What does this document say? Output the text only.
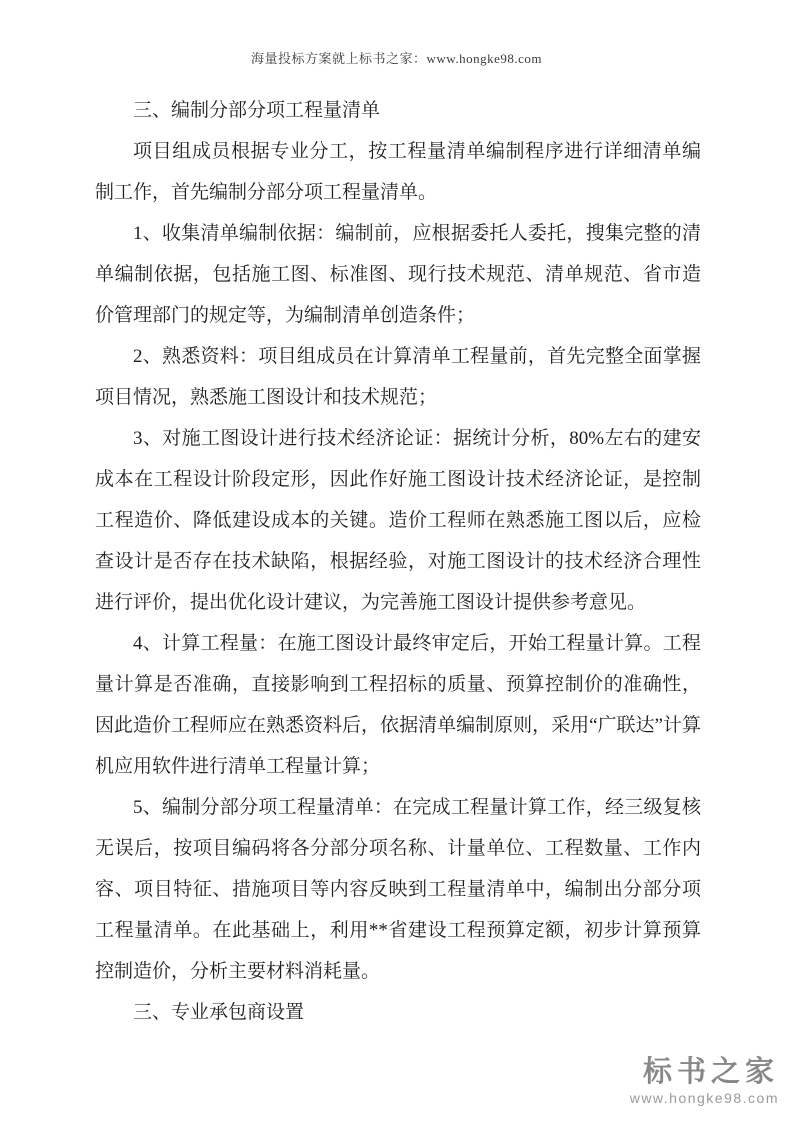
海量投标方案就上标书之家：www.hongke98.com

三、编制分部分项工程量清单

项目组成员根据专业分工，按工程量清单编制程序进行详细清单编制工作，首先编制分部分项工程量清单。

1、收集清单编制依据：编制前，应根据委托人委托，搜集完整的清单编制依据，包括施工图、标准图、现行技术规范、清单规范、省市造价管理部门的规定等，为编制清单创造条件；

2、熟悉资料：项目组成员在计算清单工程量前，首先完整全面掌握项目情况，熟悉施工图设计和技术规范；

3、对施工图设计进行技术经济论证：据统计分析，80%左右的建安成本在工程设计阶段定形，因此作好施工图设计技术经济论证，是控制工程造价、降低建设成本的关键。造价工程师在熟悉施工图以后，应检查设计是否存在技术缺陷，根据经验，对施工图设计的技术经济合理性进行评价，提出优化设计建议，为完善施工图设计提供参考意见。

4、计算工程量：在施工图设计最终审定后，开始工程量计算。工程量计算是否准确，直接影响到工程招标的质量、预算控制价的准确性，因此造价工程师应在熟悉资料后，依据清单编制原则，采用“广联达”计算机应用软件进行清单工程量计算；

5、编制分部分项工程量清单：在完成工程量计算工作，经三级复核无误后，按项目编码将各分部分项名称、计量单位、工程数量、工作内容、项目特征、措施项目等内容反映到工程量清单中，编制出分部分项工程量清单。在此基础上，利用**省建设工程预算定额，初步计算预算控制造价，分析主要材料消耗量。

三、专业承包商设置

标书之家
www.hongke98.com
